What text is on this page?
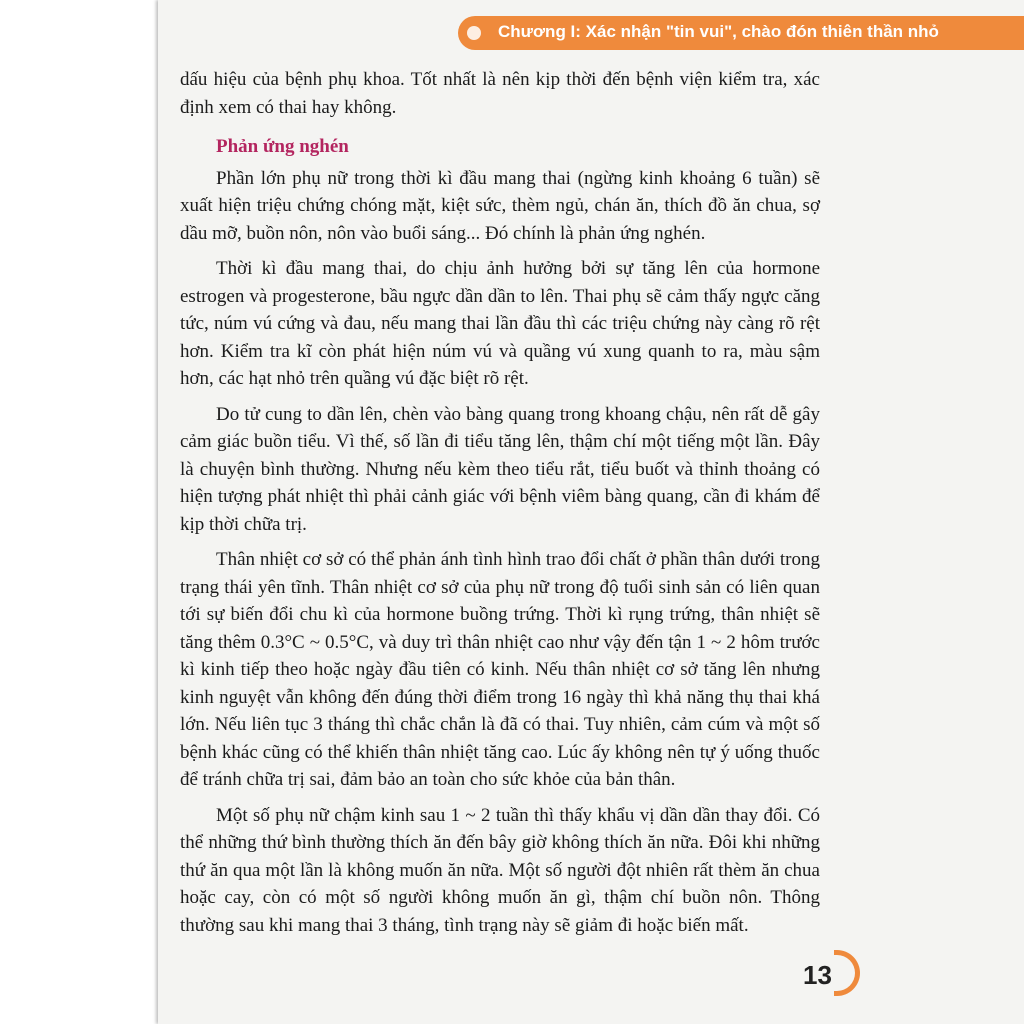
Chương I: Xác nhận "tin vui", chào đón thiên thần nhỏ

dấu hiệu của bệnh phụ khoa. Tốt nhất là nên kịp thời đến bệnh viện kiểm tra, xác định xem có thai hay không.

Phản ứng nghén

Phần lớn phụ nữ trong thời kì đầu mang thai (ngừng kinh khoảng 6 tuần) sẽ xuất hiện triệu chứng chóng mặt, kiệt sức, thèm ngủ, chán ăn, thích đồ ăn chua, sợ dầu mỡ, buồn nôn, nôn vào buổi sáng... Đó chính là phản ứng nghén.

Thời kì đầu mang thai, do chịu ảnh hưởng bởi sự tăng lên của hormone estrogen và progesterone, bầu ngực dần dần to lên. Thai phụ sẽ cảm thấy ngực căng tức, núm vú cứng và đau, nếu mang thai lần đầu thì các triệu chứng này càng rõ rệt hơn. Kiểm tra kĩ còn phát hiện núm vú và quầng vú xung quanh to ra, màu sậm hơn, các hạt nhỏ trên quầng vú đặc biệt rõ rệt.

Do tử cung to dần lên, chèn vào bàng quang trong khoang chậu, nên rất dễ gây cảm giác buồn tiểu. Vì thế, số lần đi tiểu tăng lên, thậm chí một tiếng một lần. Đây là chuyện bình thường. Nhưng nếu kèm theo tiểu rắt, tiểu buốt và thỉnh thoảng có hiện tượng phát nhiệt thì phải cảnh giác với bệnh viêm bàng quang, cần đi khám để kịp thời chữa trị.

Thân nhiệt cơ sở có thể phản ánh tình hình trao đổi chất ở phần thân dưới trong trạng thái yên tĩnh. Thân nhiệt cơ sở của phụ nữ trong độ tuổi sinh sản có liên quan tới sự biến đổi chu kì của hormone buồng trứng. Thời kì rụng trứng, thân nhiệt sẽ tăng thêm 0.3°C ~ 0.5°C, và duy trì thân nhiệt cao như vậy đến tận 1 ~ 2 hôm trước kì kinh tiếp theo hoặc ngày đầu tiên có kinh. Nếu thân nhiệt cơ sở tăng lên nhưng kinh nguyệt vẫn không đến đúng thời điểm trong 16 ngày thì khả năng thụ thai khá lớn. Nếu liên tục 3 tháng thì chắc chắn là đã có thai. Tuy nhiên, cảm cúm và một số bệnh khác cũng có thể khiến thân nhiệt tăng cao. Lúc ấy không nên tự ý uống thuốc để tránh chữa trị sai, đảm bảo an toàn cho sức khỏe của bản thân.

Một số phụ nữ chậm kinh sau 1 ~ 2 tuần thì thấy khẩu vị dần dần thay đổi. Có thể những thứ bình thường thích ăn đến bây giờ không thích ăn nữa. Đôi khi những thứ ăn qua một lần là không muốn ăn nữa. Một số người đột nhiên rất thèm ăn chua hoặc cay, còn có một số người không muốn ăn gì, thậm chí buồn nôn. Thông thường sau khi mang thai 3 tháng, tình trạng này sẽ giảm đi hoặc biến mất.

13
